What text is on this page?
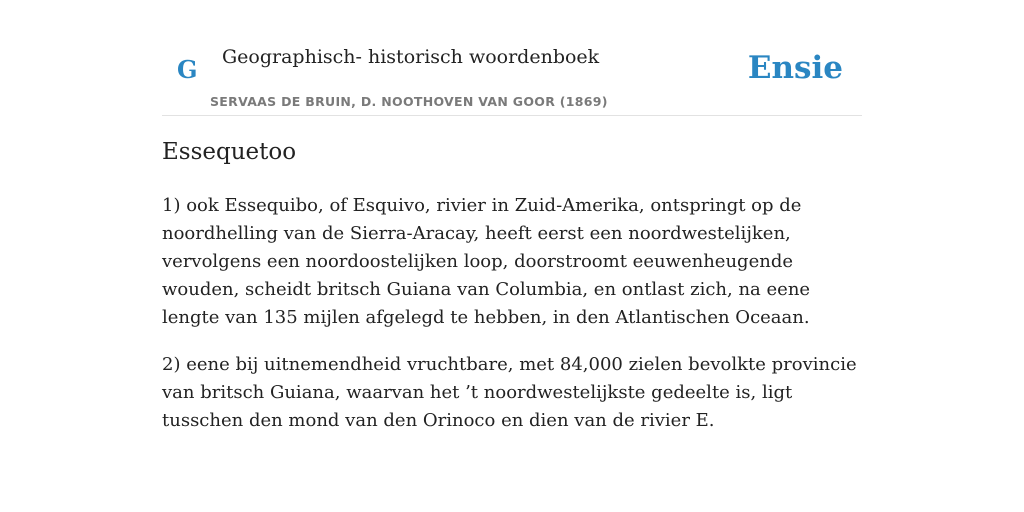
G Geographisch- historisch woordenboek
SERVAAS DE BRUIN, D. NOOTHOVEN VAN GOOR (1869)
Ensie
Essequetoo

1) ook Essequibo, of Esquivo, rivier in Zuid-Amerika, ontspringt op de noordhelling van de Sierra-Aracay, heeft eerst een noordwestelijken, vervolgens een noordoostelijken loop, doorstroomt eeuwenheugende wouden, scheidt britsch Guiana van Columbia, en ontlast zich, na eene lengte van 135 mijlen afgelegd te hebben, in den Atlantischen Oceaan.

2) eene bij uitnemendheid vruchtbare, met 84,000 zielen bevolkte provincie van britsch Guiana, waarvan het ’t noordwestelijkste gedeelte is, ligt tusschen den mond van den Orinoco en dien van de rivier E.
